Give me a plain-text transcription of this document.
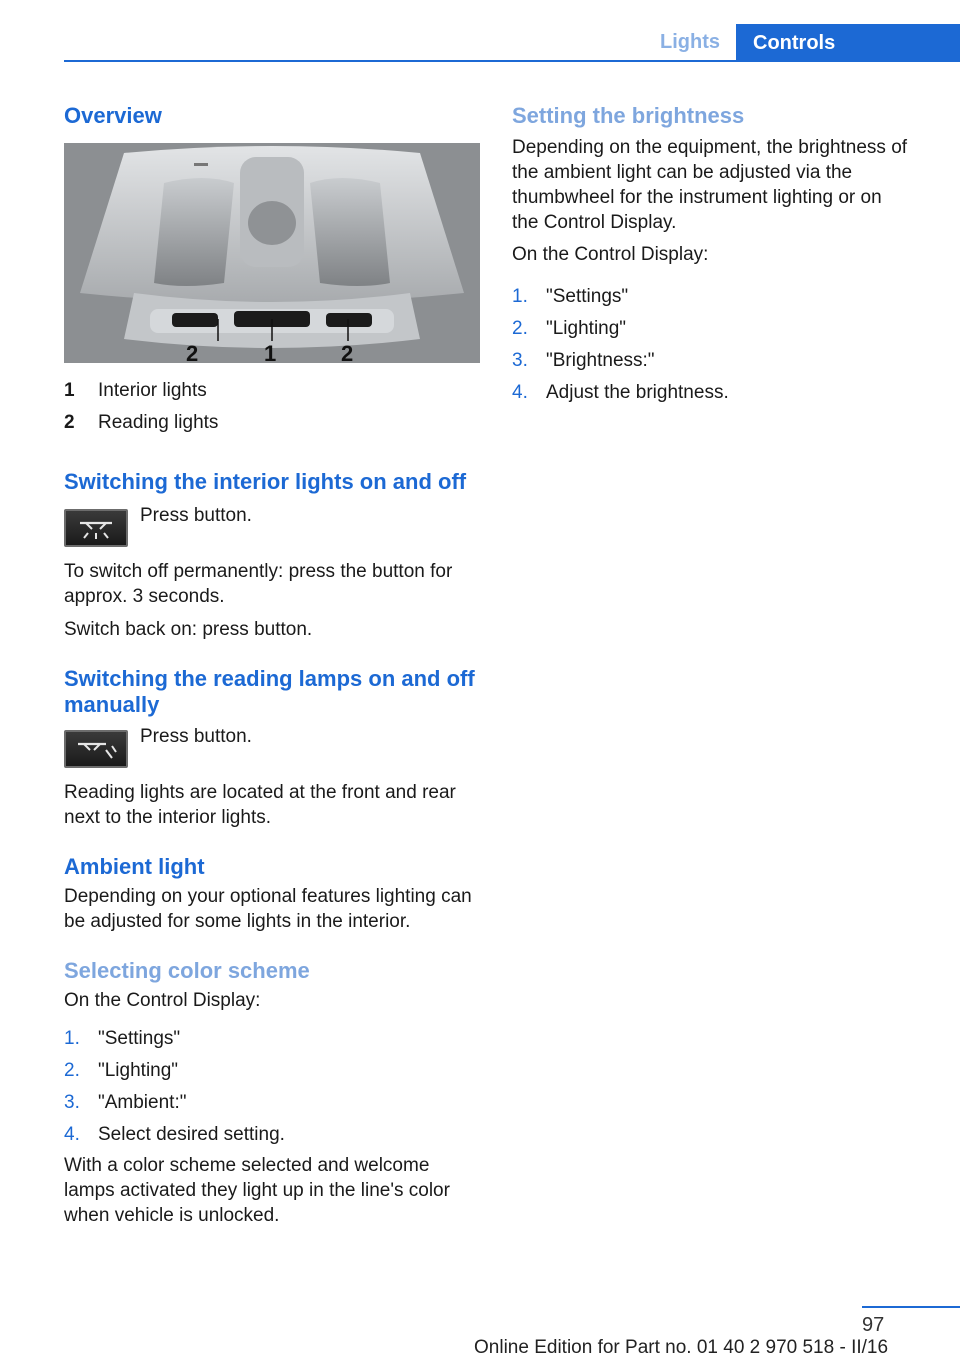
Lights	Controls
Overview
2	1	2
1	Interior lights
2	Reading lights
Switching the interior lights on and off

Press button.

To switch off permanently: press the button for approx. 3 seconds.

Switch back on: press button.

Switching the reading lamps on and off manually

Press button.

Reading lights are located at the front and rear next to the interior lights.

Ambient light

Depending on your optional features lighting can be adjusted for some lights in the interior.

Selecting color scheme

On the Control Display:

1. "Settings"
2. "Lighting"
3. "Ambient:"
4. Select desired setting.

With a color scheme selected and welcome lamps activated they light up in the line's color when vehicle is unlocked.

Setting the brightness

Depending on the equipment, the brightness of the ambient light can be adjusted via the thumbwheel for the instrument lighting or on the Control Display.

On the Control Display:

1. "Settings"
2. "Lighting"
3. "Brightness:"
4. Adjust the brightness.
97
Online Edition for Part no. 01 40 2 970 518 - II/16
